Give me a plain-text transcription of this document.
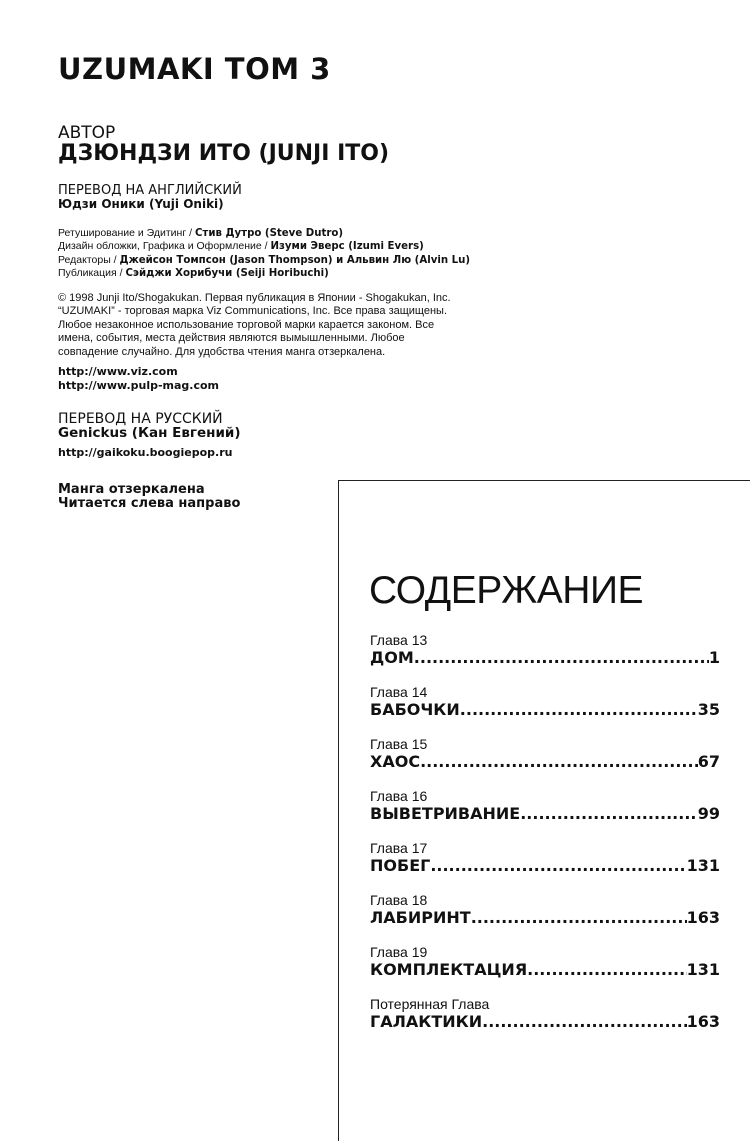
UZUMAKI ТОМ 3
АВТОР
ДЗЮНДЗИ ИТО (JUNJI ITO)
ПЕРЕВОД НА АНГЛИЙСКИЙ
Юдзи Оники (Yuji Oniki)
Ретуширование и Эдитинг / Стив Дутро (Steve Dutro)
Дизайн обложки, Графика и Оформление / Изуми Эверс (Izumi Evers)
Редакторы / Джейсон Томпсон (Jason Thompson) и Альвин Лю (Alvin Lu)
Публикация / Сэйджи Хорибучи (Seiji Horibuchi)
© 1998 Junji Ito/Shogakukan. Первая публикация в Японии - Shogakukan, Inc.
“UZUMAKI” - торговая марка Viz Communications, Inc. Все права защищены.
Любое незаконное использование торговой марки карается законом. Все
имена, события, места действия являются вымышленными. Любое
совпадение случайно. Для удобства чтения манга отзеркалена.
http://www.viz.com
http://www.pulp-mag.com
ПЕРЕВОД НА РУССКИЙ
Genickus (Кан Евгений)
http://gaikoku.boogiepop.ru
Манга отзеркалена
Читается слева направо
СОДЕРЖАНИЕ
Глава 13
ДОМ .....	1
Глава 14
БАБОЧКИ .....	35
Глава 15
ХАОС .....	67
Глава 16
ВЫВЕТРИВАНИЕ .....	99
Глава 17
ПОБЕГ .....	131
Глава 18
ЛАБИРИНТ .....	163
Глава 19
КОМПЛЕКТАЦИЯ .....	131
Потерянная Глава
ГАЛАКТИКИ .....	163
